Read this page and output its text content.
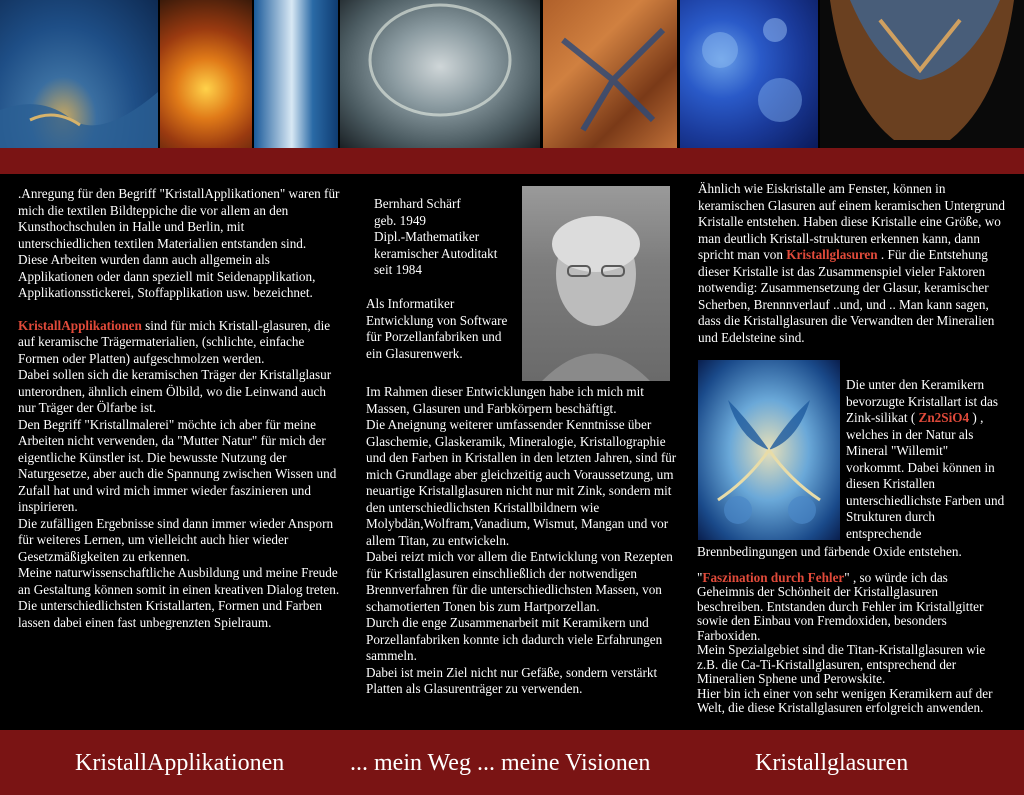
.Anregung für den Begriff "KristallApplikationen" waren für mich die textilen Bildteppiche die vor allem an den Kunsthochschulen in Halle und Berlin, mit unterschiedlichen textilen Materialien entstanden sind.

Diese Arbeiten wurden dann auch allgemein als Applikationen oder dann speziell mit Seidenapplikation, Applikationsstickerei, Stoffapplikation usw. bezeichnet.

KristallApplikationen sind für mich Kristall-glasuren, die auf keramische Trägermaterialien, (schlichte, einfache Formen oder Platten) aufgeschmolzen werden.

Dabei sollen sich die keramischen Träger der Kristallglasur unterordnen, ähnlich einem Ölbild, wo die Leinwand auch nur Träger der Ölfarbe ist.

Den Begriff "Kristallmalerei" möchte ich aber für meine Arbeiten nicht verwenden, da "Mutter Natur" für mich der eigentliche Künstler ist. Die bewusste Nutzung der Naturgesetze, aber auch die Spannung zwischen Wissen und Zufall hat und wird mich immer wieder faszinieren und inspirieren.

Die zufälligen Ergebnisse sind dann immer wieder Ansporn für weiteres Lernen, um vielleicht auch hier wieder Gesetzmäßigkeiten zu erkennen.

Meine naturwissenschaftliche Ausbildung und meine Freude an Gestaltung können somit in einen kreativen Dialog treten. Die unterschiedlichsten Kristallarten, Formen und Farben lassen dabei einen fast unbegrenzten Spielraum.

Bernhard Schärf
geb. 1949
Dipl.-Mathematiker
keramischer Autoditakt
seit 1984

Als Informatiker Entwicklung von Software für Porzellanfabriken und ein Glasurenwerk.

Im Rahmen dieser Entwicklungen habe ich mich mit Massen, Glasuren und Farbkörpern beschäftigt.

Die Aneignung weiterer umfassender Kenntnisse über Glaschemie, Glaskeramik, Mineralogie, Kristallographie und den Farben in Kristallen in den letzten Jahren, sind für mich Grundlage aber gleichzeitig auch Voraussetzung, um neuartige Kristallglasuren nicht nur mit Zink, sondern mit den unterschiedlichsten Kristallbildnern wie Molybdän,Wolfram,Vanadium, Wismut, Mangan und vor allem Titan, zu entwickeln.

Dabei reizt mich vor allem die Entwicklung von Rezepten für Kristallglasuren einschließlich der notwendigen Brennverfahren für die unterschiedlichsten Massen, von schamotierten Tonen bis zum Hartporzellan.

Durch die enge Zusammenarbeit mit Keramikern und Porzellanfabriken konnte ich dadurch viele Erfahrungen sammeln.

Dabei ist mein Ziel nicht nur Gefäße, sondern verstärkt Platten als Glasurenträger zu verwenden.

Ähnlich wie Eiskristalle am Fenster, können in keramischen Glasuren auf einem keramischen Untergrund Kristalle entstehen. Haben diese Kristalle eine Größe, wo man deutlich Kristall-strukturen erkennen kann, dann spricht man von Kristallglasuren . Für die Entstehung dieser Kristalle ist das Zusammenspiel vieler Faktoren notwendig: Zusammensetzung der Glasur, keramischer Scherben, Brennnverlauf ..und, und .. Man kann sagen, dass die Kristallglasuren die Verwandten der Mineralien und Edelsteine sind.

Die unter den Keramikern bevorzugte Kristallart ist das Zink-silikat ( Zn2SiO4 ) , welches in der Natur als Mineral "Willemit" vorkommt. Dabei können in diesen Kristallen unterschiedlichste Farben und Strukturen durch entsprechende

Brennbedingungen und färbende Oxide entstehen.

"Faszination durch Fehler" , so würde ich das Geheimnis der Schönheit der Kristallglasuren beschreiben. Entstanden durch Fehler im Kristallgitter sowie den Einbau von Fremdoxiden, besonders Farboxiden.

Mein Spezialgebiet sind die Titan-Kristallglasuren wie z.B. die Ca-Ti-Kristallglasuren, entsprechend der Mineralien Sphene und Perowskite.

Hier bin ich einer von sehr wenigen Keramikern auf der Welt, die diese Kristallglasuren erfolgreich anwenden.

KristallApplikationen	... mein Weg ... meine Visionen	Kristallglasuren
